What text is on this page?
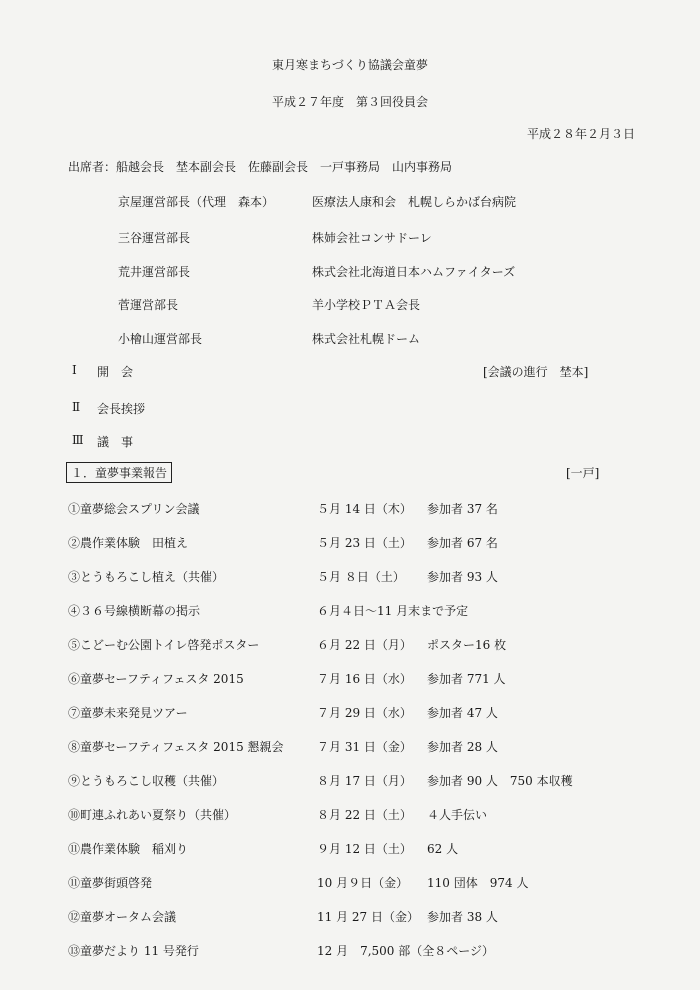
東月寒まちづくり協議会童夢
平成２７年度　第３回役員会
平成２８年２月３日
出席者：船越会長　埜本副会長　佐藤副会長　一戸事務局　山内事務局
京屋運営部長（代理　森本）	医療法人康和会　札幌しらかば台病院
三谷運営部長	株姉会社コンサドーレ
荒井運営部長	株式会社北海道日本ハムファイターズ
菅運営部長	羊小学校ＰＴＡ会長
小檜山運営部長	株式会社札幌ドーム
Ⅰ 開　会	[会議の進行　埜本]
Ⅱ 会長挨拶
Ⅲ 議　事
１．童夢事業報告	[一戸]
①童夢総会スプリン会議	５月 14 日（木） 参加者 37 名
②農作業体験　田植え	５月 23 日（土） 参加者 67 名
③とうもろこし植え（共催）	５月 ８日（土） 参加者 93 人
④３６号線横断幕の掲示	６月４日～11 月末まで予定
⑤こどーむ公園トイレ啓発ポスター	６月 22 日（月） ポスター16 枚
⑥童夢セーフティフェスタ 2015	７月 16 日（水） 参加者 771 人
⑦童夢未来発見ツアー	７月 29 日（水） 参加者 47 人
⑧童夢セーフティフェスタ 2015 懇親会	７月 31 日（金） 参加者 28 人
⑨とうもろこし収穫（共催）	８月 17 日（月） 参加者 90 人　750 本収穫
⑩町連ふれあい夏祭り（共催）	８月 22 日（土） ４人手伝い
⑪農作業体験　稲刈り	９月 12 日（土） 62 人
⑪童夢街頭啓発	10 月９日（金） 110 団体　974 人
⑫童夢オータム会議	11 月 27 日（金） 参加者 38 人
⑬童夢だより 11 号発行	12 月　7,500 部（全８ページ）
